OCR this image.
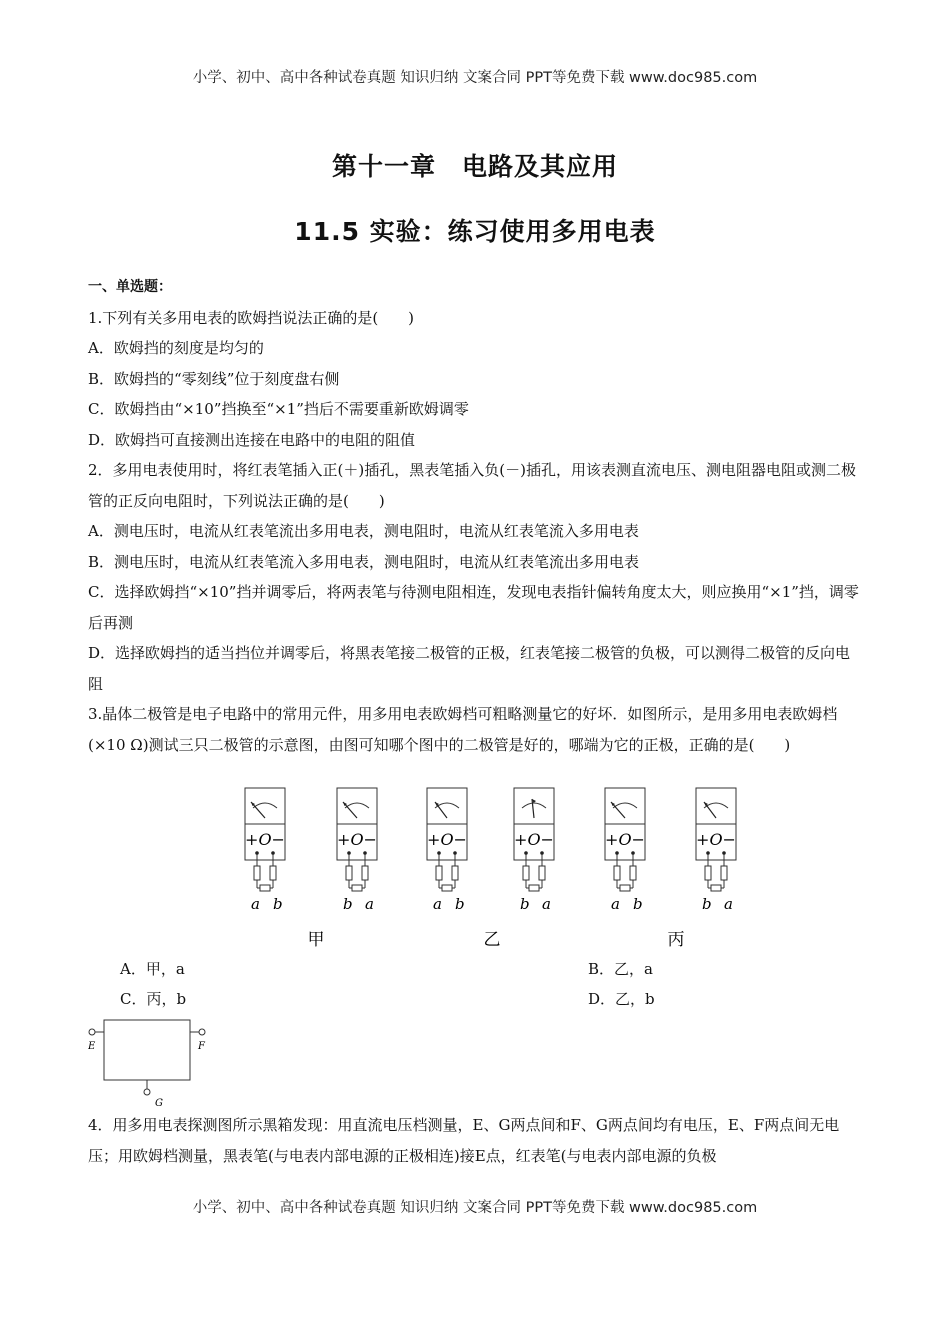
小学、初中、高中各种试卷真题 知识归纳 文案合同 PPT等免费下载 www.doc985.com
第十一章　电路及其应用
11.5 实验：练习使用多用电表

一、单选题：

1.下列有关多用电表的欧姆挡说法正确的是(　　)

A．欧姆挡的刻度是均匀的

B．欧姆挡的“零刻线”位于刻度盘右侧

C．欧姆挡由“×10”挡换至“×1”挡后不需要重新欧姆调零

D．欧姆挡可直接测出连接在电路中的电阻的阻值

2．多用电表使用时，将红表笔插入正(＋)插孔，黑表笔插入负(－)插孔，用该表测直流电压、测电阻器电阻或测二极管的正反向电阻时，下列说法正确的是(　　)

A．测电压时，电流从红表笔流出多用电表，测电阻时，电流从红表笔流入多用电表

B．测电压时，电流从红表笔流入多用电表，测电阻时，电流从红表笔流出多用电表

C．选择欧姆挡“×10”挡并调零后，将两表笔与待测电阻相连，发现电表指针偏转角度太大，则应换用“×1”挡，调零后再测

D．选择欧姆挡的适当挡位并调零后，将黑表笔接二极管的正极，红表笔接二极管的负极，可以测得二极管的反向电阻

3.晶体二极管是电子电路中的常用元件，用多用电表欧姆档可粗略测量它的好坏．如图所示，是用多用电表欧姆档(×10 Ω)测试三只二极管的示意图，由图可知哪个图中的二极管是好的，哪端为它的正极，正确的是(　　)

+O−
a b
+O−
b a
+O−
a b
+O−
b a
+O−
a b
+O−
b a
甲	乙	丙
A．甲，a	B．乙，a
C．丙，b	D．乙，b
E	F
G

4．用多用电表探测图所示黑箱发现：用直流电压档测量，E、G两点间和F、G两点间均有电压，E、F两点间无电压；用欧姆档测量，黑表笔(与电表内部电源的正极相连)接E点，红表笔(与电表内部电源的负极

小学、初中、高中各种试卷真题 知识归纳 文案合同 PPT等免费下载 www.doc985.com
